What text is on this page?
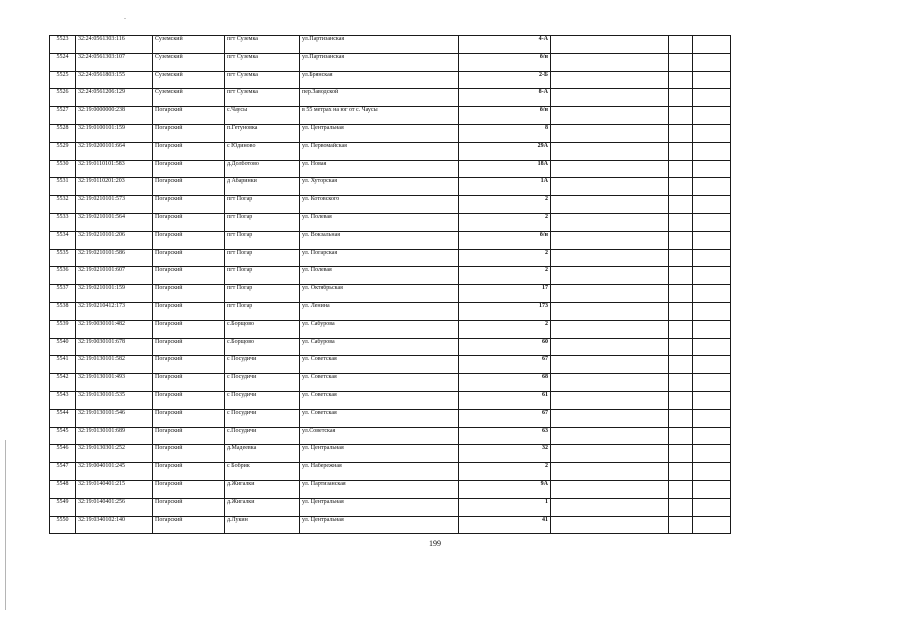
5523	32:24:0561303:116	Суземский	пгт Суземка	ул.Партизанская	4-А			
5524	32:24:0561303:107	Суземский	пгт Суземка	ул.Партизанская	б/н			
5525	32:24:0561803:155	Суземский	пгт Суземка	ул.Брянская	2-Б			
5526	32:24:0561206:129	Суземский	пгт Суземка	пер.Заводской	8-А			
5527	32:19:0000000:238	Погарский	с.Чаусы	в 55 метрах на юг от с. Чаусы	б/н			
5528	32:19:0100101:159	Погарский	п.Гетуновка	ул. Центральная	8			
5529	32:19:0200101:664	Погарский	с Юдиново	ул. Первомайская	29А			
5530	32:19:0110101:583	Погарский	д.Долботово	ул. Новая	18А			
5531	32:19:0110201:203	Погарский	д Абаринки	ул. Хуторская	1А			
5532	32:19:0210101:573	Погарский	пгт Погар	ул. Котовского	2			
5533	32:19:0210101:564	Погарский	пгт Погар	ул. Полевая	2			
5534	32:19:0210101:206	Погарский	пгт Погар	ул. Вокзальная	б/н			
5535	32:19:0210101:586	Погарский	пгт Погар	ул. Погарская	2			
5536	32:19:0210101:607	Погарский	пгт Погар	ул. Полевая	2			
5537	32:19:0210101:159	Погарский	пгт Погар	ул. Октябрьская	17			
5538	32:19:0210412:173	Погарский	пгт Погар	ул. Ленина	173			
5539	32:19:0030101:482	Погарский	с.Борщово	ул. Сабурова	2			
5540	32:19:0030101:678	Погарский	с.Борщово	ул. Сабурова	60			
5541	32:19:0130101:582	Погарский	с Посудичи	ул. Советская	67			
5542	32:19:0130101:493	Погарский	с Посудичи	ул. Советская	68			
5543	32:19:0130101:535	Погарский	с Посудичи	ул. Советская	61			
5544	32:19:0130101:546	Погарский	с Посудичи	ул. Советская	67			
5545	32:19:0130101:689	Погарский	с.Посудичи	ул.Советская	63			
5546	32:19:0130301:252	Погарский	д.Мадеевка	ул. Центральная	32			
5547	32:19:0040101:245	Погарский	с Бобрик	ул. Набережная	2			
5548	32:19:0140401:215	Погарский	д.Жигалки	ул. Партизанская	9А			
5549	32:19:0140401:256	Погарский	д.Жигалки	ул. Центральная	1			
5550	32:19:0340102:140	Погарский	д.Лукин	ул. Центральная	41			
199
